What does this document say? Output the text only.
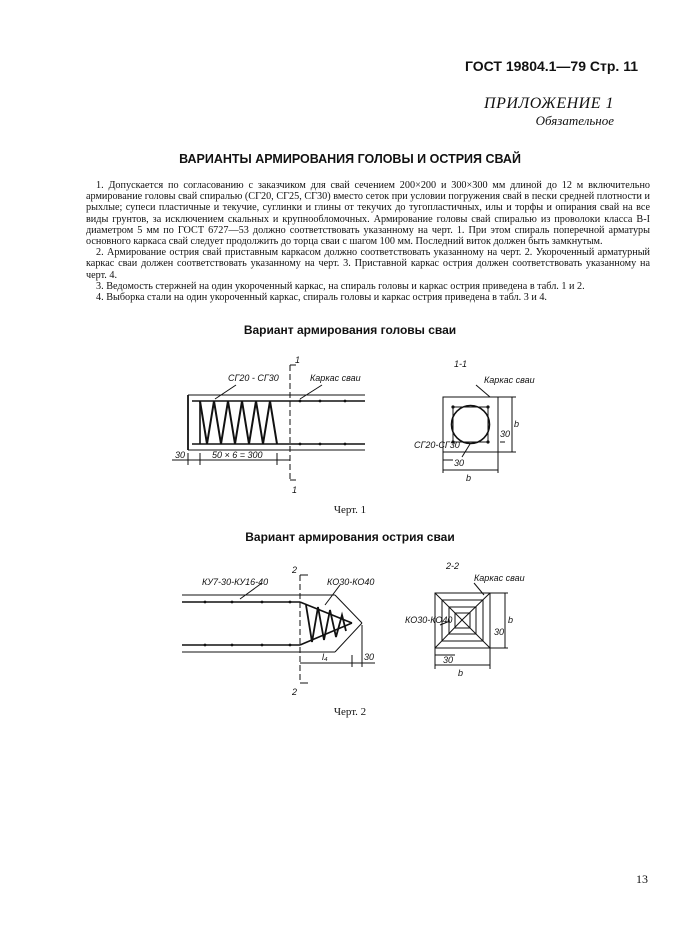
ГОСТ 19804.1—79 Стр. 11
ПРИЛОЖЕНИЕ 1
Обязательное
ВАРИАНТЫ АРМИРОВАНИЯ ГОЛОВЫ И ОСТРИЯ СВАЙ

1. Допускается по согласованию с заказчиком для свай сечением 200×200 и 300×300 мм длиной до 12 м включительно армирование головы свай спиралью (СГ20, СГ25, СГ30) вместо сеток при условии погружения свай в пески средней плотности и рыхлые; супеси пластичные и текучие, суглинки и глины от текучих до тугопластичных, илы и торфы и опирания свай на все виды грунтов, за исключением скальных и крупнообломочных. Армирование головы свай спиралью из проволоки класса В-I диаметром 5 мм по ГОСТ 6727—53 должно соответствовать указанному на черт. 1. При этом спираль поперечной арматуры основного каркаса свай следует продолжить до торца сваи с шагом 100 мм. Последний виток должен быть замкнутым.

2. Армирование острия свай приставным каркасом должно соответствовать указанному на черт. 2. Укороченный арматурный каркас сваи должен соответствовать указанному на черт. 3. Приставной каркас острия должен соответствовать указанному на черт. 4.

3. Ведомость стержней на один укороченный каркас, на спираль головы и каркас острия приведена в табл. 1 и 2.

4. Выборка стали на один укороченный каркас, спираль головы и каркас острия приведена в табл. 3 и 4.

Вариант армирования головы сваи
1
1
СГ20 - СГ30	Каркас сваи
30	50 × 6 = 300
1-1
Каркас сваи
СГ20-СГ30
30
b
b
30
Черт. 1
Вариант армирования острия сваи
2
2
КУ7-30-КУ16-40	КО30-КО40
l₄	30
2-2
Каркас сваи
КО30-КО40
30
b
b
30
Черт. 2
13
